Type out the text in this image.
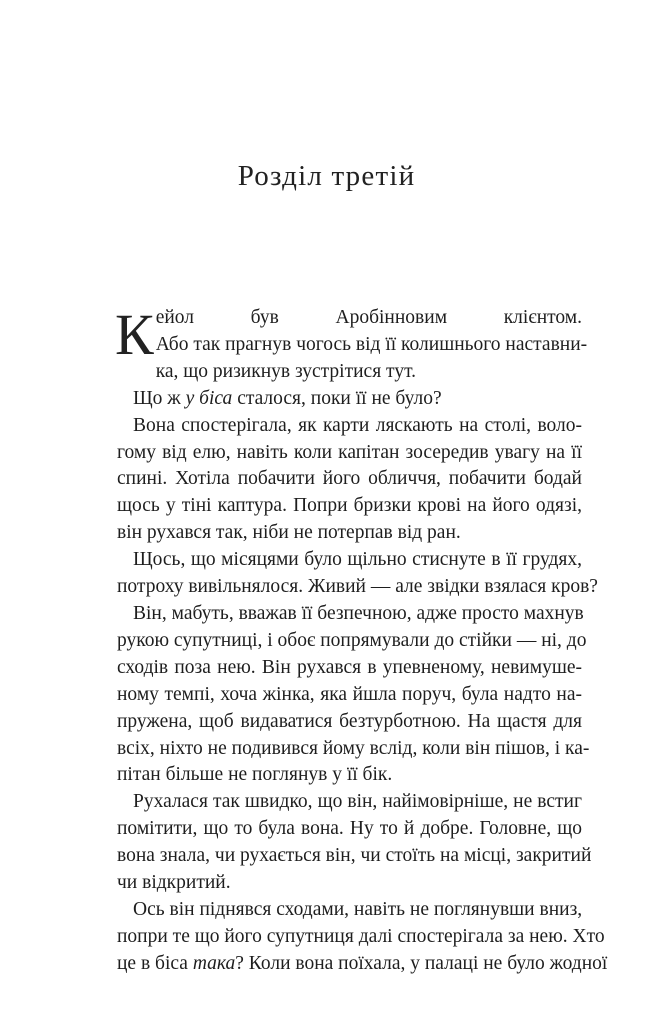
Розділ третій
К ейол був Аробінновим клієнтом.
Або так прагнув чогось від її колишнього наставни-
ка, що ризикнув зустрітися тут.
Що ж у біса сталося, поки її не було?
Вона спостерігала, як карти ляскають на столі, воло-
гому від елю, навіть коли капітан зосередив увагу на її
спині. Хотіла побачити його обличчя, побачити бодай
щось у тіні каптура. Попри бризки крові на його одязі,
він рухався так, ніби не потерпав від ран.
Щось, що місяцями було щільно стиснуте в її грудях,
потроху вивільнялося. Живий — але звідки взялася кров?
Він, мабуть, вважав її безпечною, адже просто махнув
рукою супутниці, і обоє попрямували до стійки — ні, до
сходів поза нею. Він рухався в упевненому, невимуше-
ному темпі, хоча жінка, яка йшла поруч, була надто на-
пружена, щоб видаватися безтурботною. На щастя для
всіх, ніхто не подивився йому вслід, коли він пішов, і ка-
пітан більше не поглянув у її бік.
Рухалася так швидко, що він, найімовірніше, не встиг
помітити, що то була вона. Ну то й добре. Головне, що
вона знала, чи рухається він, чи стоїть на місці, закритий
чи відкритий.
Ось він піднявся сходами, навіть не поглянувши вниз,
попри те що його супутниця далі спостерігала за нею. Хто
це в біса така? Коли вона поїхала, у палаці не було жодної
